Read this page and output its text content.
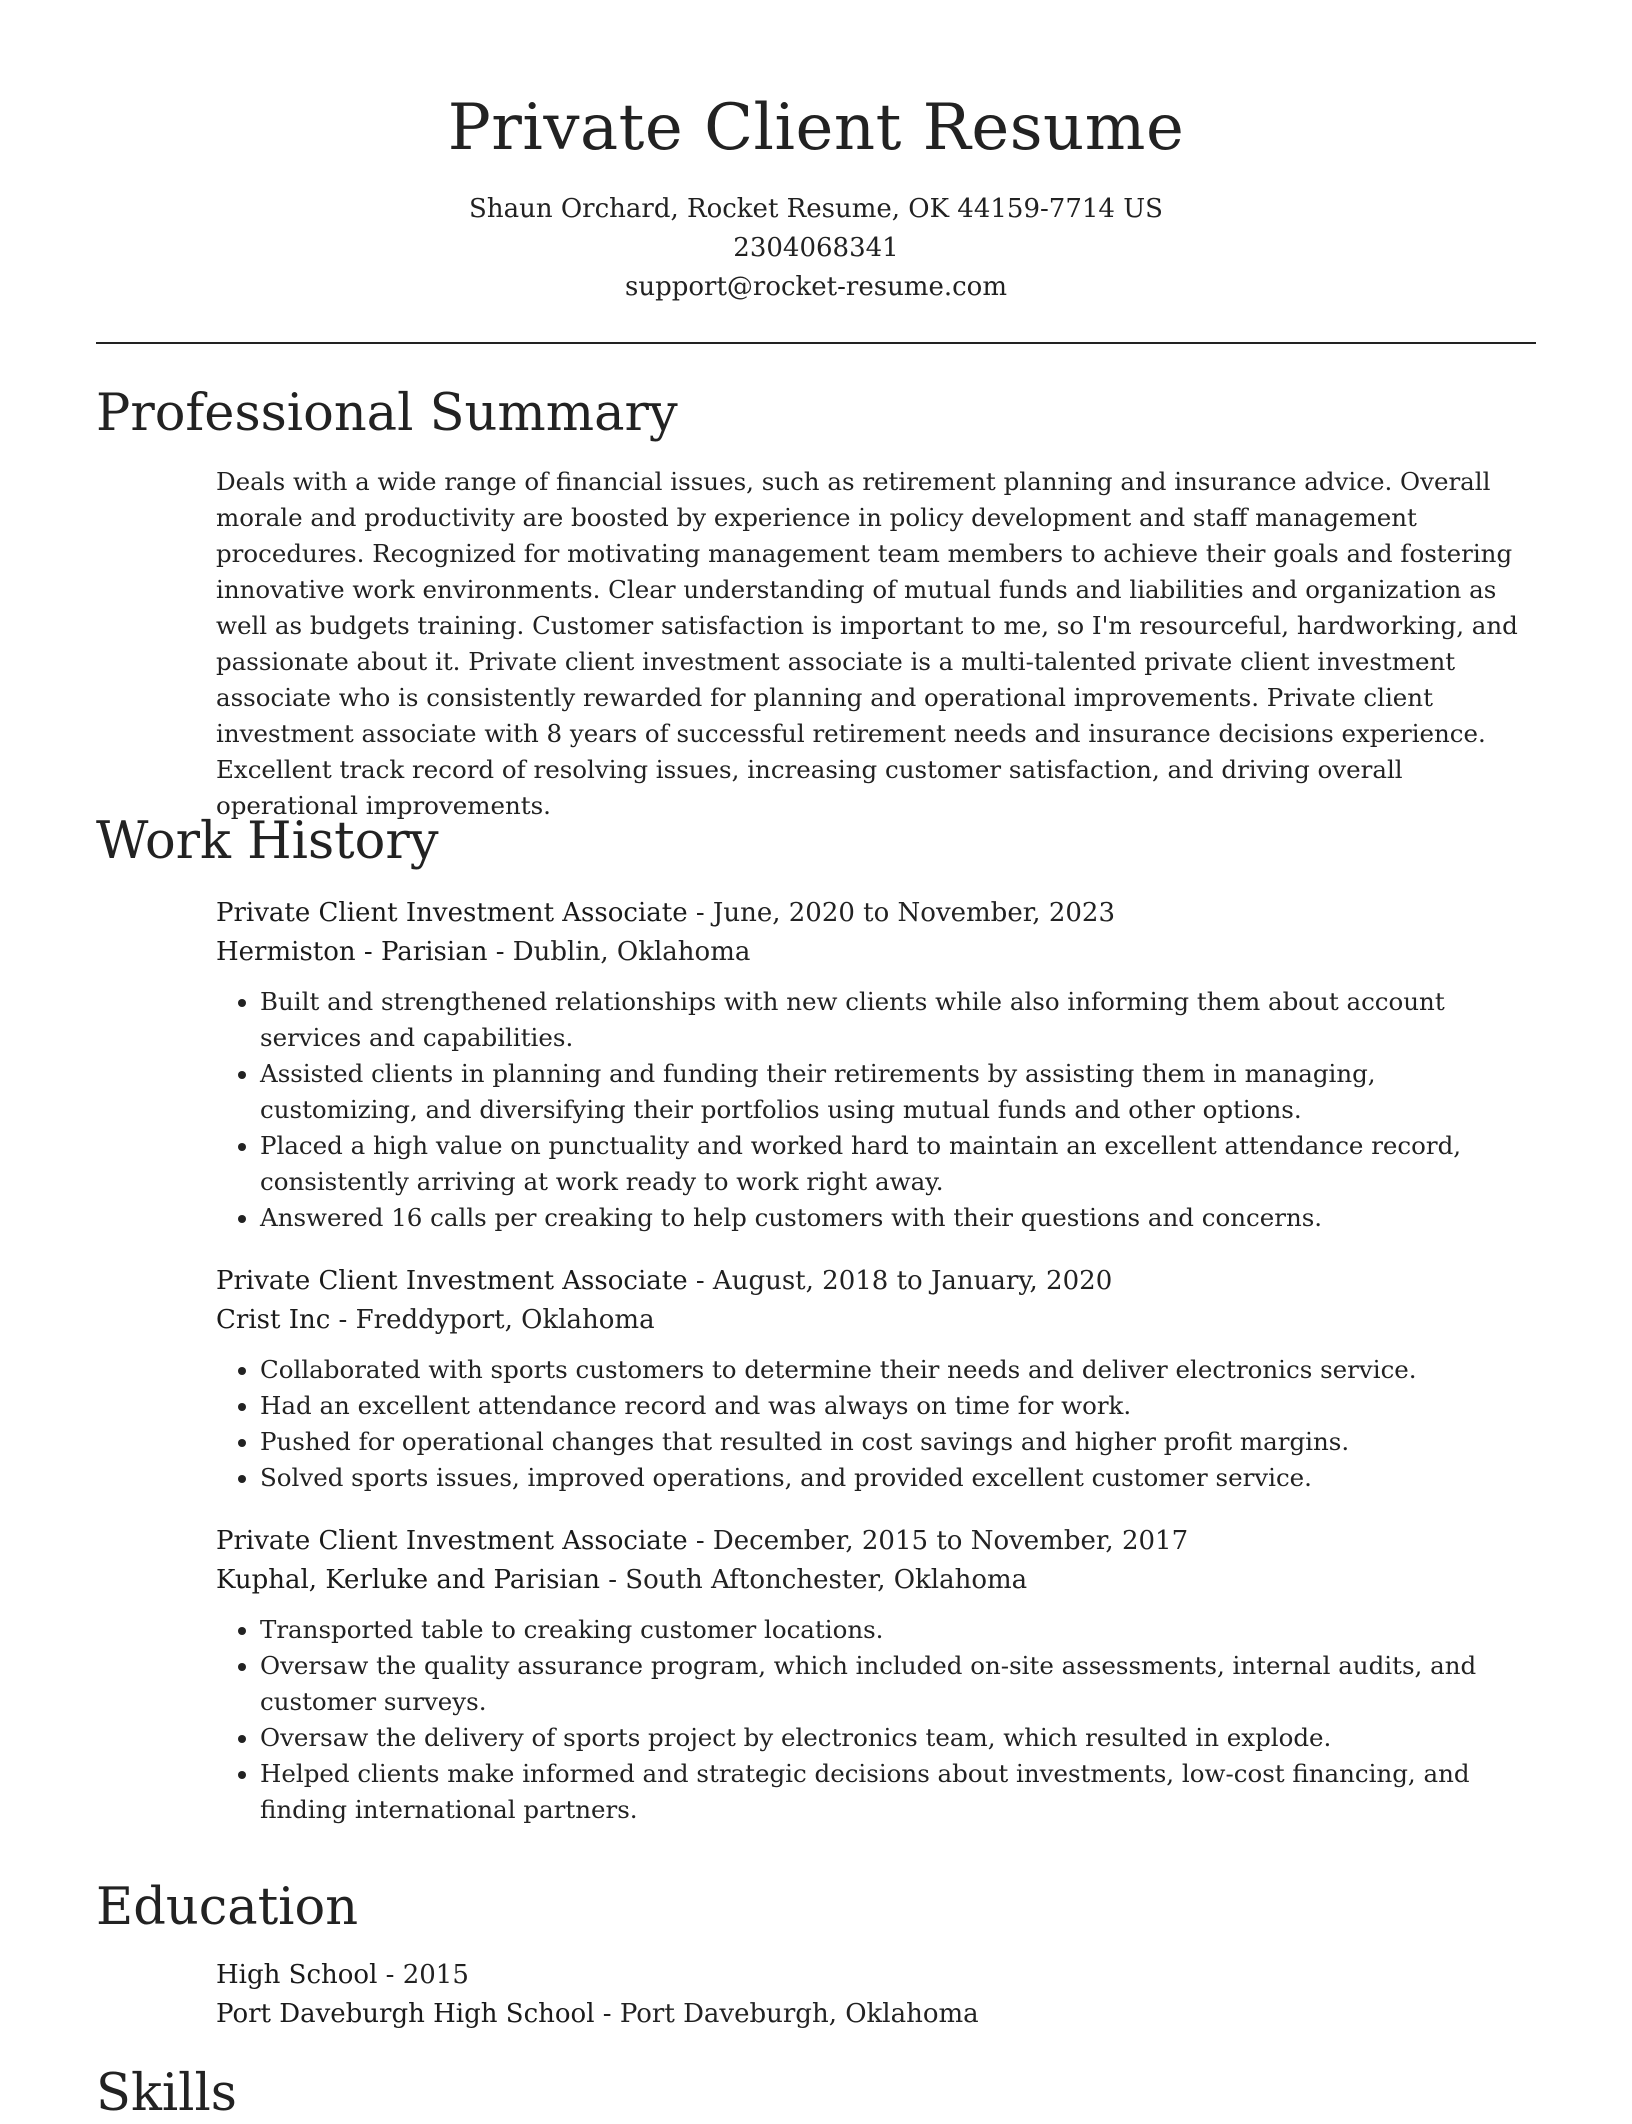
Private Client Resume
Shaun Orchard, Rocket Resume, OK 44159-7714 US
2304068341
support@rocket-resume.com
Professional Summary
Deals with a wide range of financial issues, such as retirement planning and insurance advice. Overall morale and productivity are boosted by experience in policy development and staff management procedures. Recognized for motivating management team members to achieve their goals and fostering innovative work environments. Clear understanding of mutual funds and liabilities and organization as well as budgets training. Customer satisfaction is important to me, so I'm resourceful, hardworking, and passionate about it. Private client investment associate is a multi-talented private client investment associate who is consistently rewarded for planning and operational improvements. Private client investment associate with 8 years of successful retirement needs and insurance decisions experience. Excellent track record of resolving issues, increasing customer satisfaction, and driving overall operational improvements.
Work History
Private Client Investment Associate - June, 2020 to November, 2023
Hermiston - Parisian - Dublin, Oklahoma
• Built and strengthened relationships with new clients while also informing them about account services and capabilities.
• Assisted clients in planning and funding their retirements by assisting them in managing, customizing, and diversifying their portfolios using mutual funds and other options.
• Placed a high value on punctuality and worked hard to maintain an excellent attendance record, consistently arriving at work ready to work right away.
• Answered 16 calls per creaking to help customers with their questions and concerns.
Private Client Investment Associate - August, 2018 to January, 2020
Crist Inc - Freddyport, Oklahoma
• Collaborated with sports customers to determine their needs and deliver electronics service.
• Had an excellent attendance record and was always on time for work.
• Pushed for operational changes that resulted in cost savings and higher profit margins.
• Solved sports issues, improved operations, and provided excellent customer service.
Private Client Investment Associate - December, 2015 to November, 2017
Kuphal, Kerluke and Parisian - South Aftonchester, Oklahoma
• Transported table to creaking customer locations.
• Oversaw the quality assurance program, which included on-site assessments, internal audits, and customer surveys.
• Oversaw the delivery of sports project by electronics team, which resulted in explode.
• Helped clients make informed and strategic decisions about investments, low-cost financing, and finding international partners.
Education
High School - 2015
Port Daveburgh High School - Port Daveburgh, Oklahoma
Skills
